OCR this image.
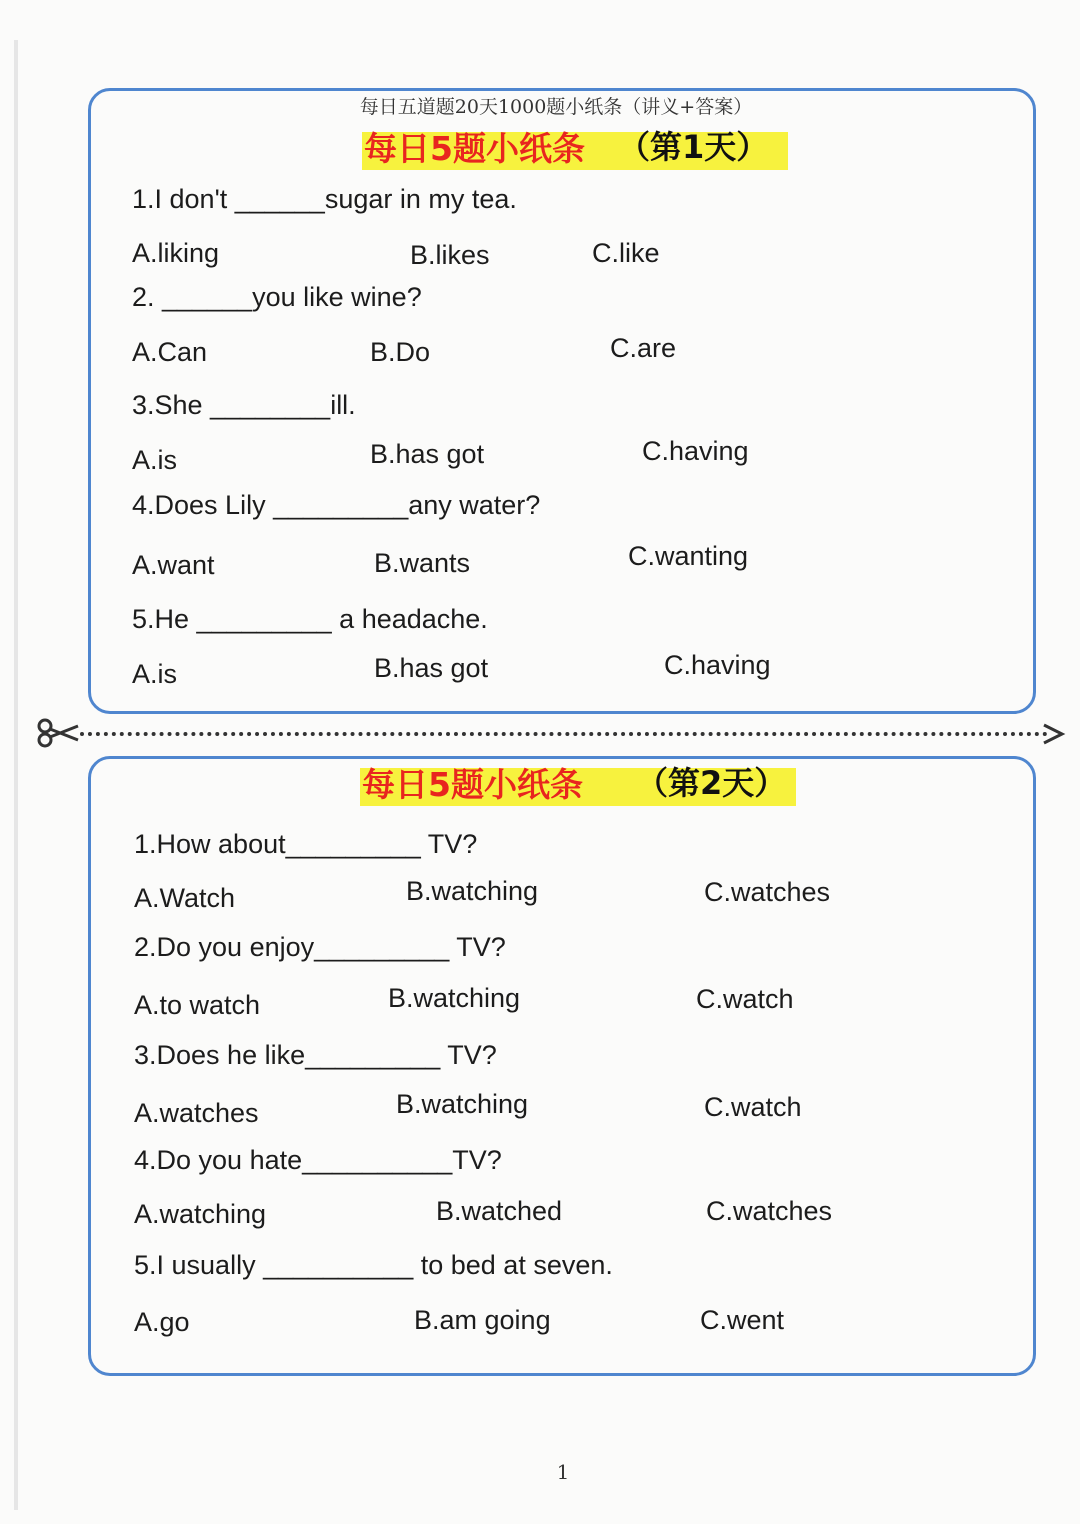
每日五道题20天1000题小纸条（讲义+答案）
每日5题小纸条 （第1天）
1.I don't ______sugar in my tea.
A.liking	B.likes	C.like
2. ______you like wine?
A.Can	B.Do	C.are
3.She ________ill.
A.is	B.has got	C.having
4.Does Lily _________any water?
A.want	B.wants	C.wanting
5.He _________ a headache.
A.is	B.has got	C.having
每日5题小纸条 （第2天）
1.How about_________ TV?
A.Watch	B.watching	C.watches
2.Do you enjoy_________ TV?
A.to watch	B.watching	C.watch
3.Does he like_________ TV?
A.watches	B.watching	C.watch
4.Do you hate__________TV?
A.watching	B.watched	C.watches
5.I usually __________ to bed at seven.
A.go	B.am going	C.went
1
